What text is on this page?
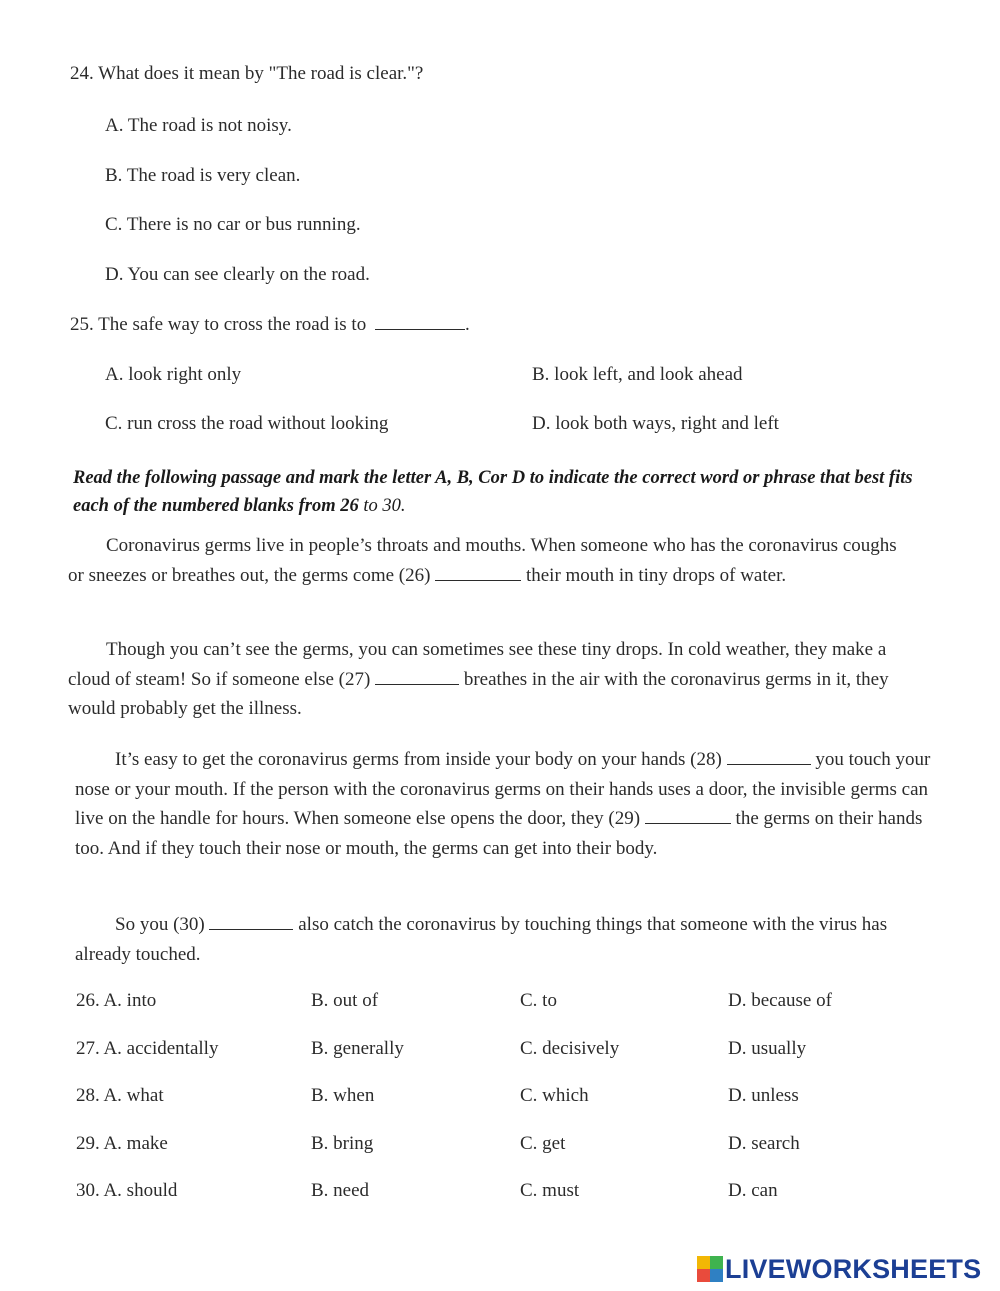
24. What does it mean by "The road is clear."?
A. The road is not noisy.
B. The road is very clean.
C. There is no car or bus running.
D. You can see clearly on the road.
25. The safe way to cross the road is to	.
A. look right only	B. look left, and look ahead
C. run cross the road without looking	D. look both ways, right and left
Read the following passage and mark the letter A, B, Cor D to indicate the correct word or phrase that best fits each of the numbered blanks from 26 to 30.
Coronavirus germs live in people’s throats and mouths. When someone who has the coronavirus coughs or sneezes or breathes out, the germs come (26)	their mouth in tiny drops of water.
Though you can’t see the germs, you can sometimes see these tiny drops. In cold weather, they make a cloud of steam! So if someone else (27)	breathes in the air with the coronavirus germs in it, they would probably get the illness.
It’s easy to get the coronavirus germs from inside your body on your hands (28)	you touch your nose or your mouth. If the person with the coronavirus germs on their hands uses a door, the invisible germs can live on the handle for hours. When someone else opens the door, they (29)	the germs on their hands too. And if they touch their nose or mouth, the germs can get into their body.
So you (30)	also catch the coronavirus by touching things that someone with the virus has already touched.
26. A. into	B. out of	C. to	D. because of
27. A. accidentally	B. generally	C. decisively	D. usually
28. A. what	B. when	C. which	D. unless
29. A. make	B. bring	C. get	D. search
30. A. should	B. need	C. must	D. can
LIVEWORKSHEETS
